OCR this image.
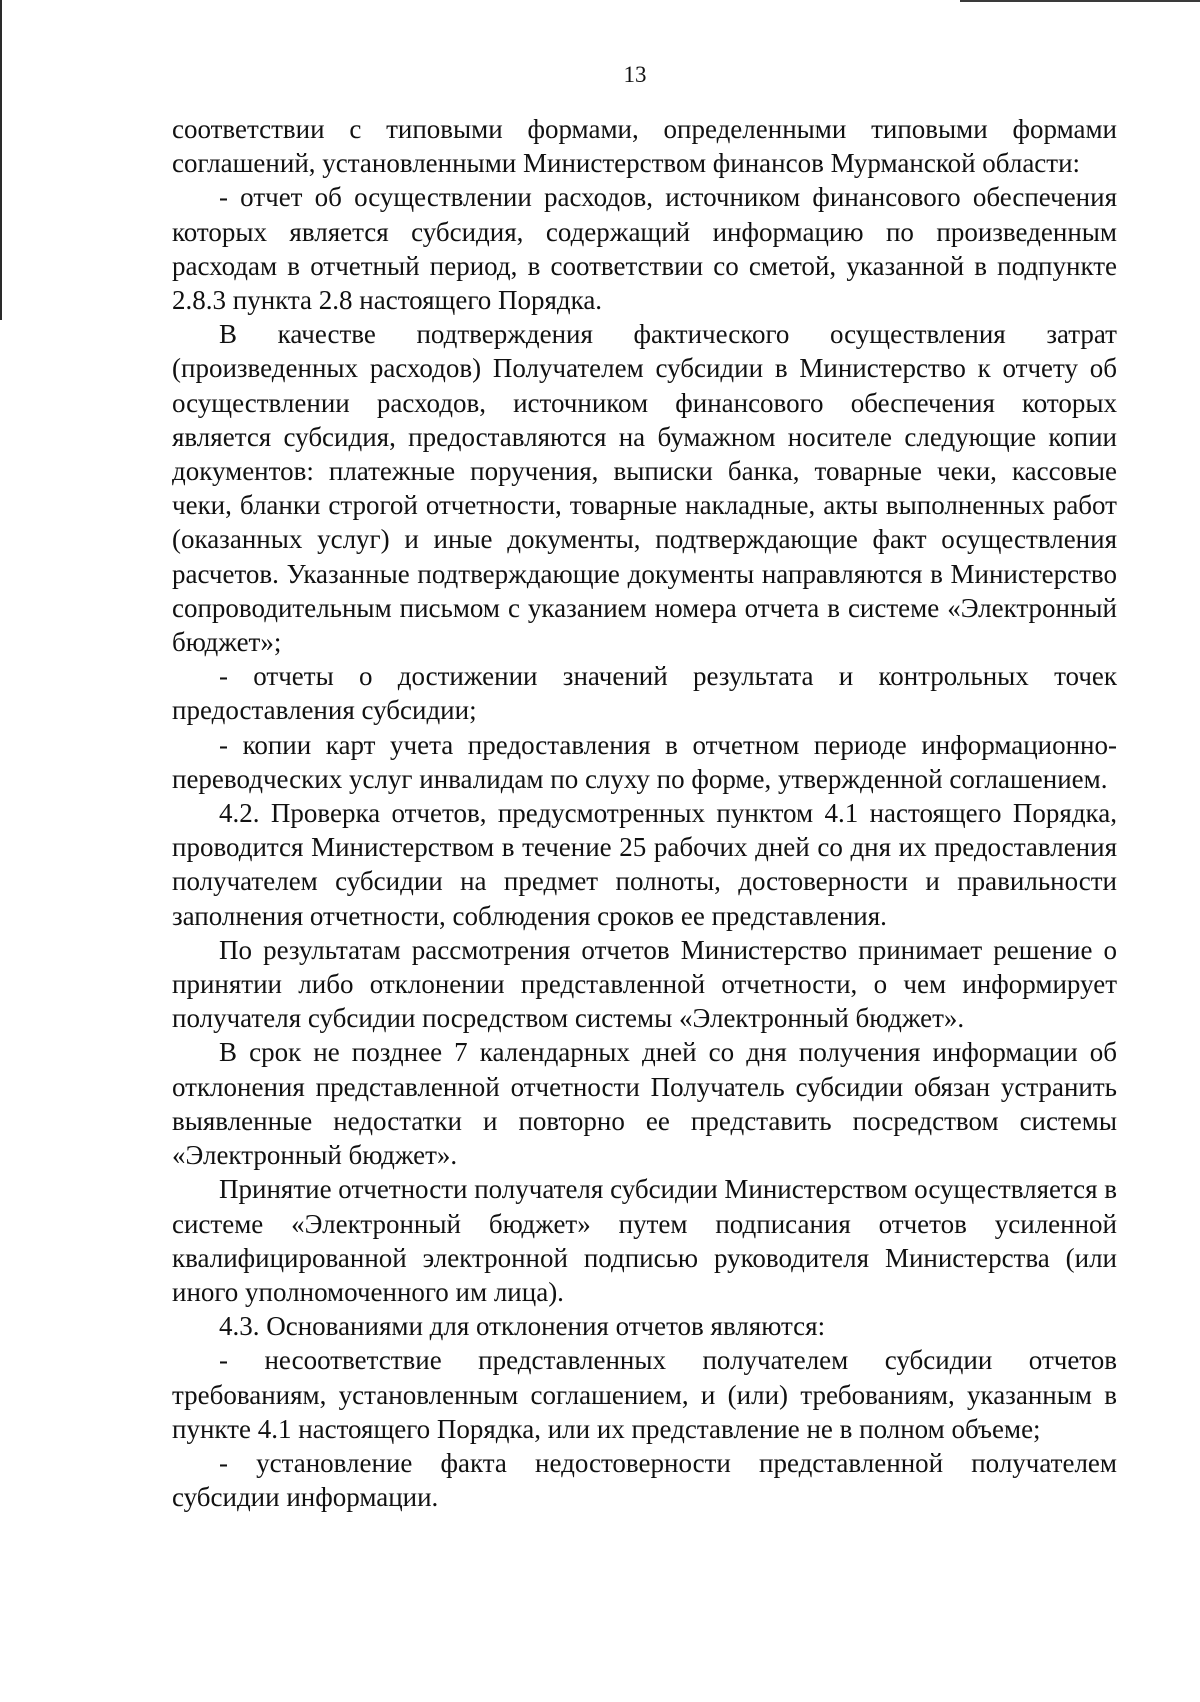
13

соответствии с типовыми формами, определенными типовыми формами соглашений, установленными Министерством финансов Мурманской области:

- отчет об осуществлении расходов, источником финансового обеспечения которых является субсидия, содержащий информацию по произведенным расходам в отчетный период, в соответствии со сметой, указанной в подпункте 2.8.3 пункта 2.8 настоящего Порядка.

В качестве подтверждения фактического осуществления затрат (произведенных расходов) Получателем субсидии в Министерство к отчету об осуществлении расходов, источником финансового обеспечения которых является субсидия, предоставляются на бумажном носителе следующие копии документов: платежные поручения, выписки банка, товарные чеки, кассовые чеки, бланки строгой отчетности, товарные накладные, акты выполненных работ (оказанных услуг) и иные документы, подтверждающие факт осуществления расчетов. Указанные подтверждающие документы направляются в Министерство сопроводительным письмом с указанием номера отчета в системе «Электронный бюджет»;

- отчеты о достижении значений результата и контрольных точек предоставления субсидии;

- копии карт учета предоставления в отчетном периоде информационно-переводческих услуг инвалидам по слуху по форме, утвержденной соглашением.

4.2. Проверка отчетов, предусмотренных пунктом 4.1 настоящего Порядка, проводится Министерством в течение 25 рабочих дней со дня их предоставления получателем субсидии на предмет полноты, достоверности и правильности заполнения отчетности, соблюдения сроков ее представления.

По результатам рассмотрения отчетов Министерство принимает решение о принятии либо отклонении представленной отчетности, о чем информирует получателя субсидии посредством системы «Электронный бюджет».

В срок не позднее 7 календарных дней со дня получения информации об отклонения представленной отчетности Получатель субсидии обязан устранить выявленные недостатки и повторно ее представить посредством системы «Электронный бюджет».

Принятие отчетности получателя субсидии Министерством осуществляется в системе «Электронный бюджет» путем подписания отчетов усиленной квалифицированной электронной подписью руководителя Министерства (или иного уполномоченного им лица).

4.3. Основаниями для отклонения отчетов являются:

- несоответствие представленных получателем субсидии отчетов требованиям, установленным соглашением, и (или) требованиям, указанным в пункте 4.1 настоящего Порядка, или их представление не в полном объеме;

- установление факта недостоверности представленной получателем субсидии информации.
